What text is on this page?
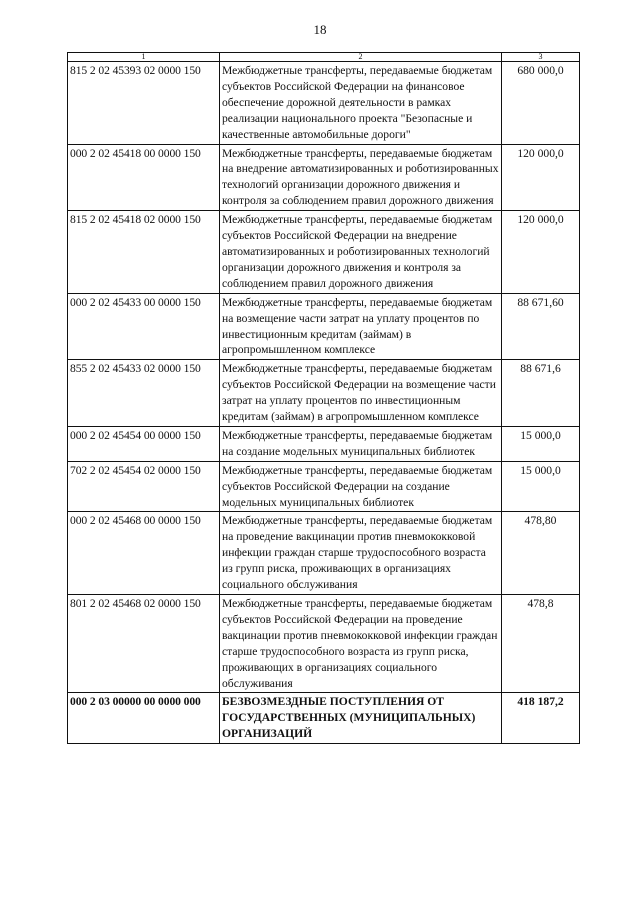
18
1	2	3
815 2 02 45393 02 0000 150	Межбюджетные трансферты, передаваемые бюджетам субъектов Российской Федерации на финансовое обеспечение дорожной деятельности в рамках реализации национального проекта "Безопасные и качественные автомобильные дороги"	680 000,0
000 2 02 45418 00 0000 150	Межбюджетные трансферты, передаваемые бюджетам на внедрение автоматизированных и роботизированных технологий организации дорожного движения и контроля за соблюдением правил дорожного движения	120 000,0
815 2 02 45418 02 0000 150	Межбюджетные трансферты, передаваемые бюджетам субъектов Российской Федерации на внедрение автоматизированных и роботизированных технологий организации дорожного движения и контроля за соблюдением правил дорожного движения	120 000,0
000 2 02 45433 00 0000 150	Межбюджетные трансферты, передаваемые бюджетам на возмещение части затрат на уплату процентов по инвестиционным кредитам (займам) в агропромышленном комплексе	88 671,60
855 2 02 45433 02 0000 150	Межбюджетные трансферты, передаваемые бюджетам субъектов Российской Федерации на возмещение части затрат на уплату процентов по инвестиционным кредитам (займам) в агропромышленном комплексе	88 671,6
000 2 02 45454 00 0000 150	Межбюджетные трансферты, передаваемые бюджетам на создание модельных муниципальных библиотек	15 000,0
702 2 02 45454 02 0000 150	Межбюджетные трансферты, передаваемые бюджетам субъектов Российской Федерации на создание модельных муниципальных библиотек	15 000,0
000 2 02 45468 00 0000 150	Межбюджетные трансферты, передаваемые бюджетам на проведение вакцинации против пневмококковой инфекции граждан старше трудоспособного возраста из групп риска, проживающих в организациях социального обслуживания	478,80
801 2 02 45468 02 0000 150	Межбюджетные трансферты, передаваемые бюджетам субъектов Российской Федерации на проведение вакцинации против пневмококковой инфекции граждан старше трудоспособного возраста из групп риска, проживающих в организациях социального обслуживания	478,8
000 2 03 00000 00 0000 000	БЕЗВОЗМЕЗДНЫЕ ПОСТУПЛЕНИЯ ОТ ГОСУДАРСТВЕННЫХ (МУНИЦИПАЛЬНЫХ) ОРГАНИЗАЦИЙ	418 187,2
